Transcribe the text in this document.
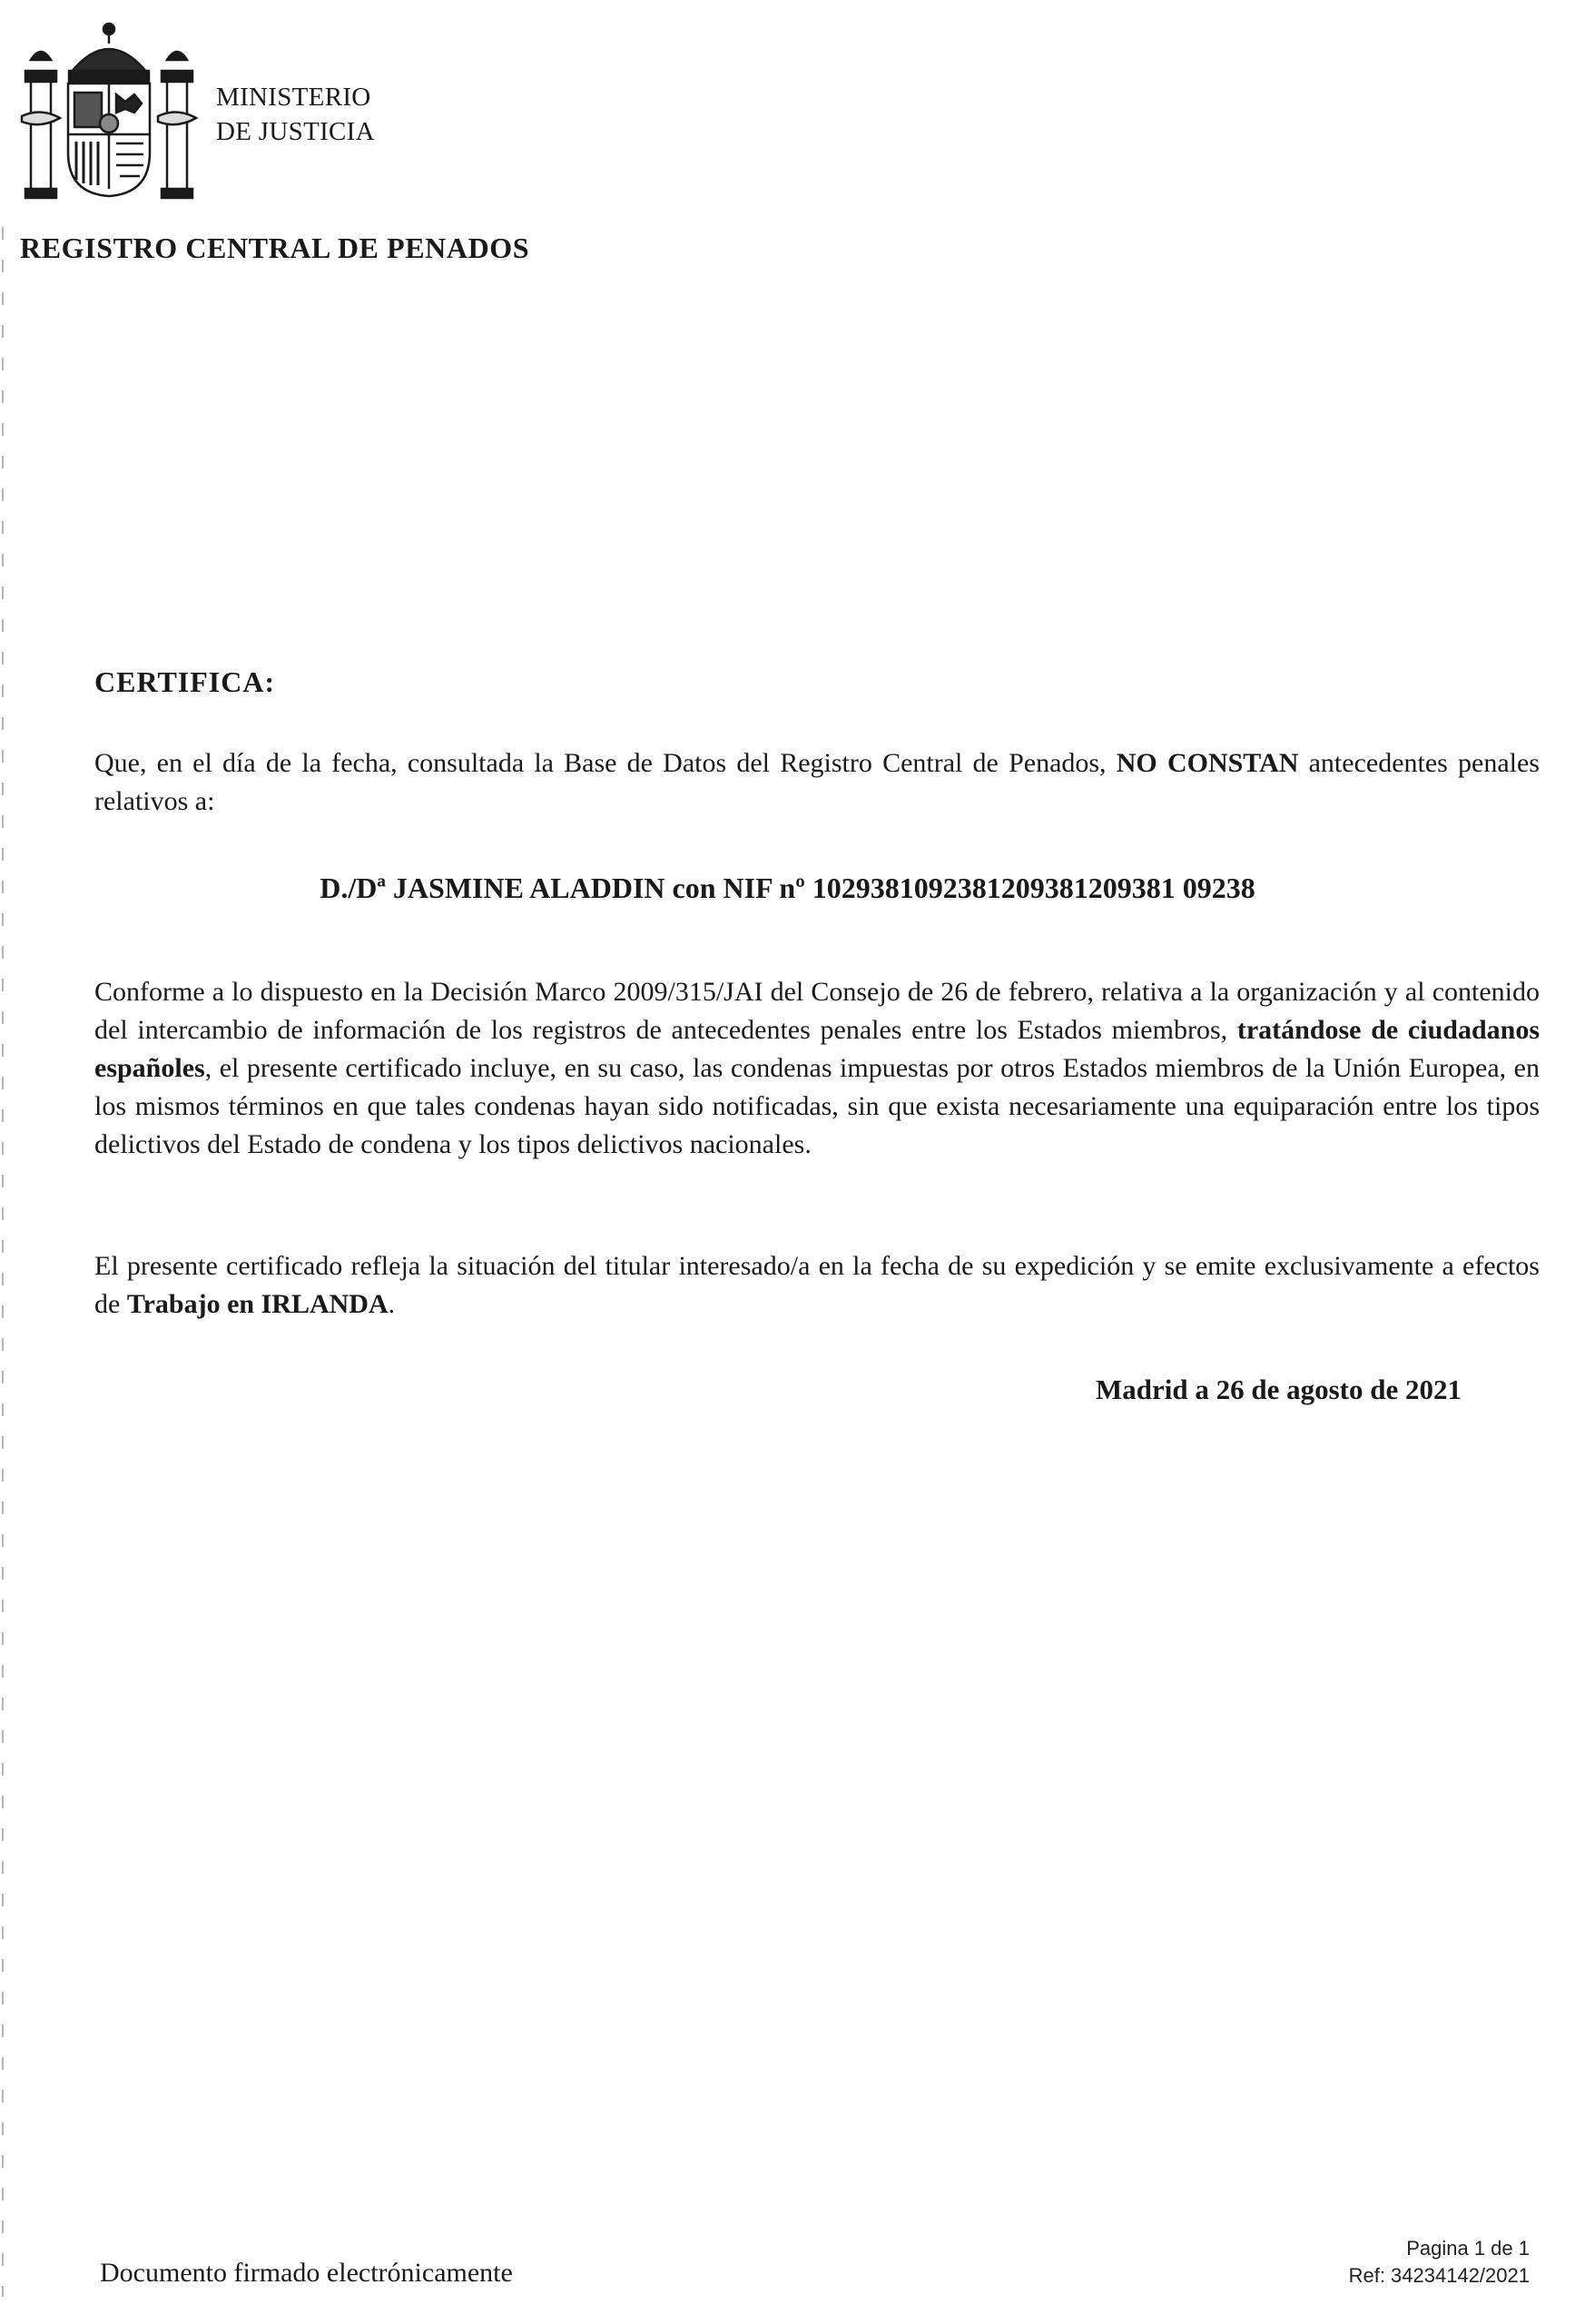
MINISTERIO
DE JUSTICIA
REGISTRO CENTRAL DE PENADOS
CERTIFICA:
Que, en el día de la fecha, consultada la Base de Datos del Registro Central de Penados, NO CONSTAN antecedentes penales relativos a:
D./Dª JASMINE ALADDIN con NIF nº 1029381092381209381209381 09238
Conforme a lo dispuesto en la Decisión Marco 2009/315/JAI del Consejo de 26 de febrero, relativa a la organización y al contenido del intercambio de información de los registros de antecedentes penales entre los Estados miembros, tratándose de ciudadanos españoles, el presente certificado incluye, en su caso, las condenas impuestas por otros Estados miembros de la Unión Europea, en los mismos términos en que tales condenas hayan sido notificadas, sin que exista necesariamente una equiparación entre los tipos delictivos del Estado de condena y los tipos delictivos nacionales.
El presente certificado refleja la situación del titular interesado/a en la fecha de su expedición y se emite exclusivamente a efectos de Trabajo en IRLANDA.
Madrid a 26 de agosto de 2021
Documento firmado electrónicamente
Pagina 1 de 1
Ref: 34234142/2021
